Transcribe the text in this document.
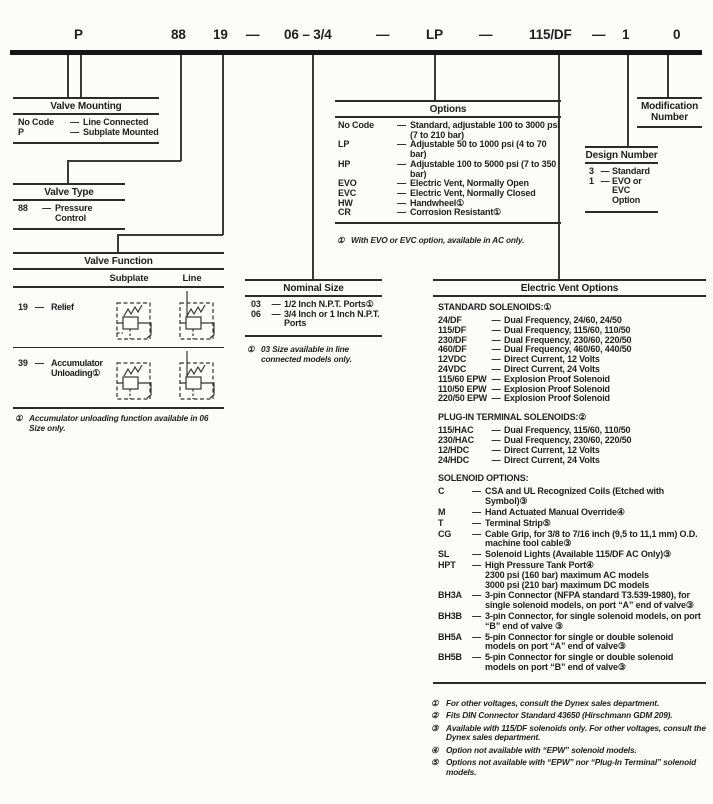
P	88 19 — 06 – 3/4	—	LP	—	115/DF — 1	0
Valve Mounting
No Code	— Line Connected
P	— Subplate Mounted
Valve Type
88	— Pressure Control
Valve Function
Subplate	Line
19 — Relief
39 — Accumulator Unloading①
① Accumulator unloading function available in 06 Size only.
Nominal Size
03	— 1/2 Inch N.P.T. Ports①
06	— 3/4 Inch or 1 Inch N.P.T. Ports
① 03 Size available in line connected models only.
Options
No Code	— Standard, adjustable 100 to 3000 psi (7 to 210 bar)
LP	— Adjustable 50 to 1000 psi (4 to 70 bar)
HP	— Adjustable 100 to 5000 psi (7 to 350 bar)
EVO	— Electric Vent, Normally Open
EVC	— Electric Vent, Normally Closed
HW	— Handwheel①
CR	— Corrosion Resistant①
① With EVO or EVC option, available in AC only.
Design Number
3 — Standard
1 — EVO or EVC Option
Modification Number
Electric Vent Options
STANDARD SOLENOIDS:①
24/DF	— Dual Frequency, 24/60, 24/50
115/DF	— Dual Frequency, 115/60, 110/50
230/DF	— Dual Frequency, 230/60, 220/50
460/DF	— Dual Frequency, 460/60, 440/50
12VDC	— Direct Current, 12 Volts
24VDC	— Direct Current, 24 Volts
115/60 EPW — Explosion Proof Solenoid
110/50 EPW — Explosion Proof Solenoid
220/50 EPW — Explosion Proof Solenoid
PLUG-IN TERMINAL SOLENOIDS:②
115/HAC	— Dual Frequency, 115/60, 110/50
230/HAC	— Dual Frequency, 230/60, 220/50
12/HDC	— Direct Current, 12 Volts
24/HDC	— Direct Current, 24 Volts
SOLENOID OPTIONS:
C	— CSA and UL Recognized Coils (Etched with Symbol)③
M	— Hand Actuated Manual Override④
T	— Terminal Strip⑤
CG	— Cable Grip, for 3/8 to 7/16 inch (9,5 to 11,1 mm) O.D. machine tool cable③
SL	— Solenoid Lights (Available 115/DF AC Only)③
HPT	— High Pressure Tank Port④
2300 psi (160 bar) maximum AC models
3000 psi (210 bar) maximum DC models
BH3A	— 3-pin Connector (NFPA standard T3.539-1980), for single solenoid models, on port “A” end of valve③
BH3B	— 3-pin Connector, for single solenoid models, on port “B” end of valve ③
BH5A	— 5-pin Connector for single or double solenoid models on port “A” end of valve③
BH5B	— 5-pin Connector for single or double solenoid models on port “B” end of valve③
① For other voltages, consult the Dynex sales department.
② Fits DIN Connector Standard 43650 (Hirschmann GDM 209).
③ Available with 115/DF solenoids only. For other voltages, consult the Dynex sales department.
④ Option not available with “EPW” solenoid models.
⑤ Options not available with “EPW” nor “Plug-In Terminal” solenoid models.
